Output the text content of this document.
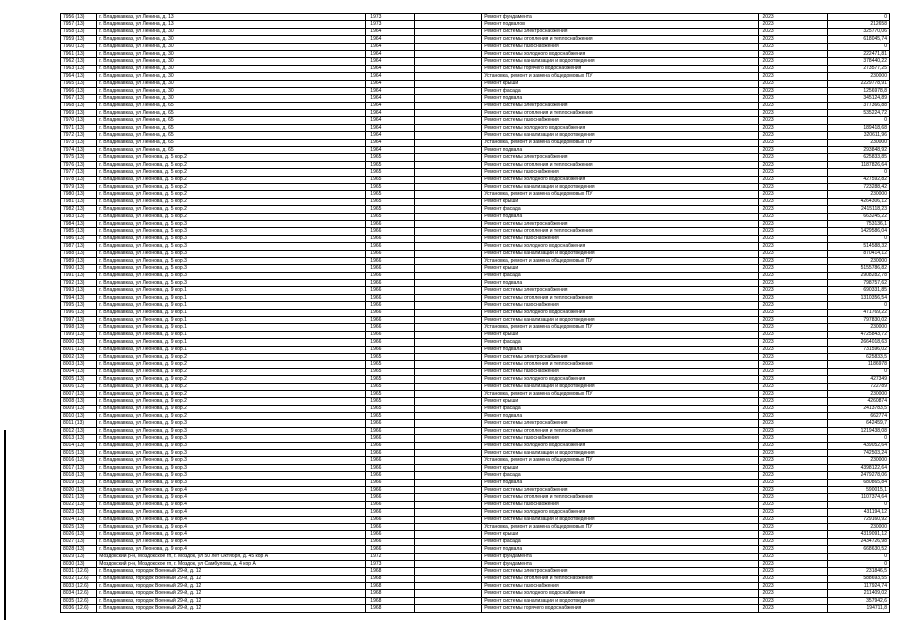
7956 (13)	г. Владикавказ, ул Ленина, д. 13	1973		Ремонт фундамента	2023	0
7957 (13)	г. Владикавказ, ул Ленина, д. 13	1973		Ремонт подвалов	2023	212658
7958 (13)	г. Владикавказ, ул Ленина, д. 30	1964		Ремонт системы электроснабжения	2023	325770,06
7959 (13)	г. Владикавказ, ул Ленина, д. 30	1964		Ремонт системы отопления и теплоснабжения	2023	618045,74
7960 (13)	г. Владикавказ, ул Ленина, д. 30	1964		Ремонт системы газоснабжения	2023	0
7961 (13)	г. Владикавказ, ул Ленина, д. 30	1964		Ремонт системы холодного водоснабжения	2023	222471,81
7962 (13)	г. Владикавказ, ул Ленина, д. 30	1964		Ремонт системы канализации и водоотведения	2023	378440,22
7963 (13)	г. Владикавказ, ул Ленина, д. 30	1964		Ремонт системы горячего водоснабжения	2023	273577,25
7964 (13)	г. Владикавказ, ул Ленина, д. 30	1964		Установка, ремонт и замена общедомовых ПУ	2023	230000
7965 (13)	г. Владикавказ, ул Ленина, д. 30	1964		Ремонт крыши	2023	2229778,91
7966 (13)	г. Владикавказ, ул Ленина, д. 30	1964		Ремонт фасада	2023	1256978,8
7967 (13)	г. Владикавказ, ул Ленина, д. 30	1964		Ремонт подвала	2023	345124,89
7968 (13)	г. Владикавказ, ул Ленина, д. 65	1964		Ремонт системы электроснабжения	2023	377366,88
7969 (13)	г. Владикавказ, ул Ленина, д. 65	1964		Ремонт системы отопления и теплоснабжения	2023	535224,72
7970 (13)	г. Владикавказ, ул Ленина, д. 65	1964		Ремонт системы газоснабжения	2023	0
7971 (13)	г. Владикавказ, ул Ленина, д. 65	1964		Ремонт системы холодного водоснабжения	2023	189418,68
7972 (13)	г. Владикавказ, ул Ленина, д. 65	1964		Ремонт системы канализации и водоотведения	2023	320611,96
7973 (13)	г. Владикавказ, ул Ленина, д. 65	1964		Установка, ремонт и замена общедомовых ПУ	2023	230000
7974 (13)	г. Владикавказ, ул Ленина, д. 65	1964		Ремонт подвала	2023	293848,92
7975 (13)	г. Владикавказ, ул Леонова, д. 5 кор.2	1965		Ремонт системы электроснабжения	2023	625833,85
7976 (13)	г. Владикавказ, ул Леонова, д. 5 кор.2	1965		Ремонт системы отопления и теплоснабжения	2023	1187826,64
7977 (13)	г. Владикавказ, ул Леонова, д. 5 кор.2	1965		Ремонт системы газоснабжения	2023	0
7978 (13)	г. Владикавказ, ул Леонова, д. 5 кор.2	1965		Ремонт системы холодного водоснабжения	2023	427592,82
7979 (13)	г. Владикавказ, ул Леонова, д. 5 кор.2	1965		Ремонт системы канализации и водоотведения	2023	723288,42
7980 (13)	г. Владикавказ, ул Леонова, д. 5 кор.2	1965		Установка, ремонт и замена общедомовых ПУ	2023	230000
7981 (13)	г. Владикавказ, ул Леонова, д. 5 кор.2	1965		Ремонт крыши	2023	4264306,12
7982 (13)	г. Владикавказ, ул Леонова, д. 5 кор.2	1965		Ремонт фасада	2023	2415118,23
7983 (13)	г. Владикавказ, ул Леонова, д. 5 кор.2	1965		Ремонт подвала	2023	663245,22
7984 (13)	г. Владикавказ, ул Леонова, д. 5 кор.3	1966		Ремонт системы электроснабжения	2023	753136,1
7985 (13)	г. Владикавказ, ул Леонова, д. 5 кор.3	1966		Ремонт системы отопления и теплоснабжения	2023	1429586,04
7986 (13)	г. Владикавказ, ул Леонова, д. 5 кор.3	1966		Ремонт системы газоснабжения	2023	0
7987 (13)	г. Владикавказ, ул Леонова, д. 5 кор.3	1966		Ремонт системы холодного водоснабжения	2023	514588,32
7988 (13)	г. Владикавказ, ул Леонова, д. 5 кор.3	1966		Ремонт системы канализации и водоотведения	2023	870414,12
7989 (13)	г. Владикавказ, ул Леонова, д. 5 кор.3	1966		Установка, ремонт и замена общедомовых ПУ	2023	230000
7990 (13)	г. Владикавказ, ул Леонова, д. 5 кор.3	1966		Ремонт крыши	2023	5155786,82
7991 (13)	г. Владикавказ, ул Леонова, д. 5 кор.3	1966		Ремонт фасада	2023	2908282,78
7992 (13)	г. Владикавказ, ул Леонова, д. 5 кор.3	1966		Ремонт подвала	2023	798757,62
7993 (13)	г. Владикавказ, ул Леонова, д. 9 кор.1	1966		Ремонт системы электроснабжения	2023	690331,85
7994 (13)	г. Владикавказ, ул Леонова, д. 9 кор.1	1966		Ремонт системы отопления и теплоснабжения	2023	1310356,54
7995 (13)	г. Владикавказ, ул Леонова, д. 9 кор.1	1966		Ремонт системы газоснабжения	2023	0
7996 (13)	г. Владикавказ, ул Леонова, д. 9 кор.1	1966		Ремонт системы холодного водоснабжения	2023	471769,22
7997 (13)	г. Владикавказ, ул Леонова, д. 9 кор.1	1966		Ремонт системы канализации и водоотведения	2023	797830,02
7998 (13)	г. Владикавказ, ул Леонова, д. 9 кор.1	1966		Установка, ремонт и замена общедомовых ПУ	2023	230000
7999 (13)	г. Владикавказ, ул Леонова, д. 9 кор.1	1966		Ремонт крыши	2023	4725843,72
8000 (13)	г. Владикавказ, ул Леонова, д. 9 кор.1	1966		Ремонт фасада	2023	2664018,63
8001 (13)	г. Владикавказ, ул Леонова, д. 9 кор.1	1966		Ремонт подвала	2023	731596,02
8002 (13)	г. Владикавказ, ул Леонова, д. 9 кор.2	1965		Ремонт системы электроснабжения	2023	625833,5
8003 (13)	г. Владикавказ, ул Леонова, д. 9 кор.2	1965		Ремонт системы отопления и теплоснабжения	2023	1186978
8004 (13)	г. Владикавказ, ул Леонова, д. 9 кор.2	1965		Ремонт системы газоснабжения	2023	0
8005 (13)	г. Владикавказ, ул Леонова, д. 9 кор.2	1965		Ремонт системы холодного водоснабжения	2023	427349
8006 (13)	г. Владикавказ, ул Леонова, д. 9 кор.2	1965		Ремонт системы канализации и водоотведения	2023	722789
8007 (13)	г. Владикавказ, ул Леонова, д. 9 кор.2	1965		Установка, ремонт и замена общедомовых ПУ	2023	230000
8008 (13)	г. Владикавказ, ул Леонова, д. 9 кор.2	1965		Ремонт крыши	2023	4260874
8009 (13)	г. Владикавказ, ул Леонова, д. 9 кор.2	1965		Ремонт фасада	2023	2413783,5
8010 (13)	г. Владикавказ, ул Леонова, д. 9 кор.2	1965		Ремонт подвала	2023	662774
8011 (13)	г. Владикавказ, ул Леонова, д. 9 кор.3	1966		Ремонт системы электроснабжения	2023	642459,7
8012 (13)	г. Владикавказ, ул Леонова, д. 9 кор.3	1966		Ремонт системы отопления и теплоснабжения	2023	1219438,08
8013 (13)	г. Владикавказ, ул Леонова, д. 9 кор.3	1966		Ремонт системы газоснабжения	2023	0
8014 (13)	г. Владикавказ, ул Леонова, д. 9 кор.3	1966		Ремонт системы холодного водоснабжения	2023	439052,64
8015 (13)	г. Владикавказ, ул Леонова, д. 9 кор.3	1966		Ремонт системы канализации и водоотведения	2023	742503,24
8016 (13)	г. Владикавказ, ул Леонова, д. 9 кор.3	1966		Установка, ремонт и замена общедомовых ПУ	2023	230000
8017 (13)	г. Владикавказ, ул Леонова, д. 9 кор.3	1966		Ремонт крыши	2023	4398122,64
8018 (13)	г. Владикавказ, ул Леонова, д. 9 кор.3	1966		Ремонт фасада	2023	2479278,06
8019 (13)	г. Владикавказ, ул Леонова, д. 9 кор.3	1966		Ремонт подвала	2023	680865,84
8020 (13)	г. Владикавказ, ул Леонова, д. 9 кор.4	1966		Ремонт системы электроснабжения	2023	590015,1
8021 (13)	г. Владикавказ, ул Леонова, д. 9 кор.4	1966		Ремонт системы отопления и теплоснабжения	2023	1107374,64
8022 (13)	г. Владикавказ, ул Леонова, д. 9 кор.4	1966		Ремонт системы газоснабжения	2023	0
8023 (13)	г. Владикавказ, ул Леонова, д. 9 кор.4	1966		Ремонт системы холодного водоснабжения	2023	431194,12
8024 (13)	г. Владикавказ, ул Леонова, д. 9 кор.4	1966		Ремонт системы канализации и водоотведения	2023	729160,92
8025 (13)	г. Владикавказ, ул Леонова, д. 9 кор.4	1966		Установка, ремонт и замена общедомовых ПУ	2023	230000
8026 (13)	г. Владикавказ, ул Леонова, д. 9 кор.4	1966		Ремонт крыши	2023	4319091,12
8027 (13)	г. Владикавказ, ул Леонова, д. 9 кор.4	1966		Ремонт фасада	2023	2434726,98
8028 (13)	г. Владикавказ, ул Леонова, д. 9 кор.4	1966		Ремонт подвала	2023	668630,52
8029 (13)	Моздокский р-н, Моздокское гп, г. Моздок, ул 50 лет Октября, д. 45 кор А	1972		Ремонт фундамента	2023	0
8030 (13)	Моздокский р-н, Моздокское гп, г. Моздок, ул Самбулова, д. 4 кор А	1973		Ремонт фундамента	2023	0
8031 (12.6)	г. Владикавказ, городок Военный 29-й, д. 12	1968		Ремонт системы электроснабжения	2023	231846,5
8032 (12.6)	г. Владикавказ, городок Военный 29-й, д. 12	1968		Ремонт системы отопления и теплоснабжения	2023	588693,55
8033 (12.6)	г. Владикавказ, городок Военный 29-й, д. 12	1968		Ремонт системы газоснабжения	2023	117924,74
8034 (12.6)	г. Владикавказ, городок Военный 29-й, д. 12	1968		Ремонт системы холодного водоснабжения	2023	211409,02
8035 (12.6)	г. Владикавказ, городок Военный 29-й, д. 12	1968		Ремонт системы канализации и водоотведения	2023	357942,6
8036 (12.6)	г. Владикавказ, городок Военный 29-й, д. 12	1968		Ремонт системы горячего водоснабжения	2023	194711,8
